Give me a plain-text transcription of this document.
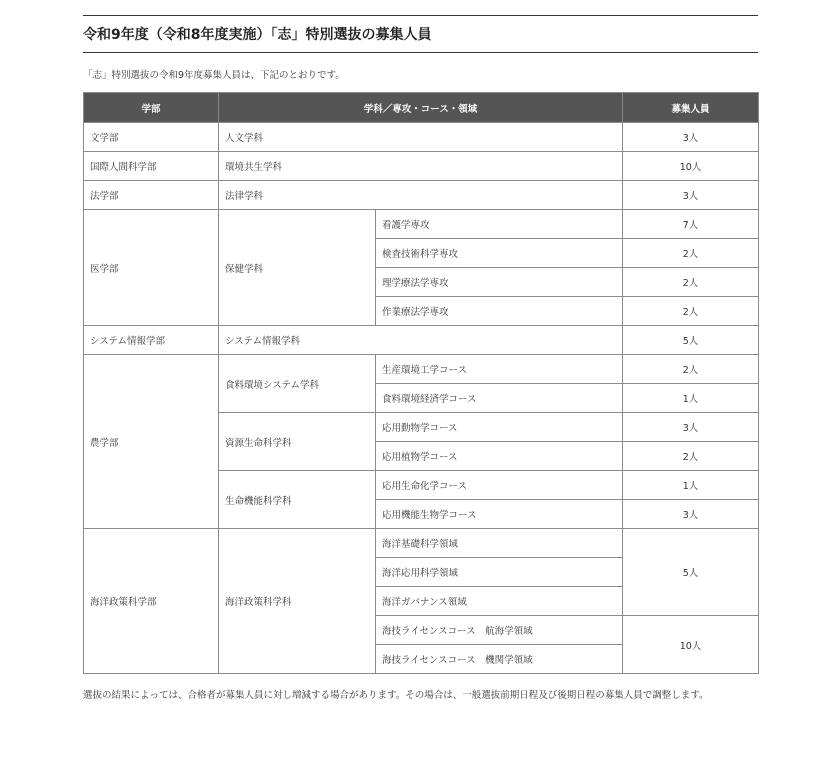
令和9年度（令和8年度実施）「志」特別選抜の募集人員
「志」特別選抜の令和9年度募集人員は、下記のとおりです。
学部	学科／専攻・コース・領域		募集人員
文学部	人文学科		3人
国際人間科学部	環境共生学科		10人
法学部	法律学科		3人
医学部	保健学科	看護学専攻	7人
		検査技術科学専攻	2人
		理学療法学専攻	2人
		作業療法学専攻	2人
システム情報学部	システム情報学科		5人
農学部	食料環境システム学科	生産環境工学コース	2人
		食料環境経済学コース	1人
	資源生命科学科	応用動物学コース	3人
		応用植物学コース	2人
	生命機能科学科	応用生命化学コース	1人
		応用機能生物学コース	3人
海洋政策科学部	海洋政策科学科	海洋基礎科学領域	5人
		海洋応用科学領域	
		海洋ガバナンス領域	
		海技ライセンスコース　航海学領域	10人
		海技ライセンスコース　機関学領域	
選抜の結果によっては、合格者が募集人員に対し増減する場合があります。その場合は、一般選抜前期日程及び後期日程の募集人員で調整します。
